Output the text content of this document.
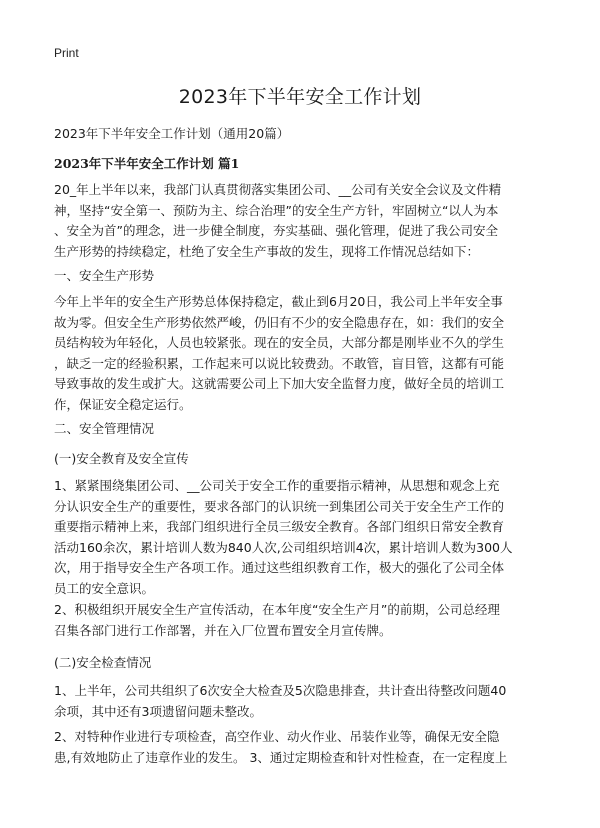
Print
2023年下半年安全工作计划
2023年下半年安全工作计划（通用20篇）
2023年下半年安全工作计划 篇1

20_年上半年以来，我部门认真贯彻落实集团公司、__公司有关安全会议及文件精
神，坚持“安全第一、预防为主、综合治理”的安全生产方针，牢固树立“以人为本
、安全为首”的理念，进一步健全制度，夯实基础、强化管理，促进了我公司安全
生产形势的持续稳定，杜绝了安全生产事故的发生，现将工作情况总结如下：

一、安全生产形势

今年上半年的安全生产形势总体保持稳定，截止到6月20日，我公司上半年安全事
故为零。但安全生产形势依然严峻，仍旧有不少的安全隐患存在，如：我们的安全
员结构较为年轻化，人员也较紧张。现在的安全员，大部分都是刚毕业不久的学生
，缺乏一定的经验积累，工作起来可以说比较费劲。不敢管，盲目管，这都有可能
导致事故的发生或扩大。这就需要公司上下加大安全监督力度，做好全员的培训工
作，保证安全稳定运行。

二、安全管理情况
(一)安全教育及安全宣传

1、紧紧围绕集团公司、__公司关于安全工作的重要指示精神，从思想和观念上充
分认识安全生产的重要性，要求各部门的认识统一到集团公司关于安全生产工作的
重要指示精神上来，我部门组织进行全员三级安全教育。各部门组织日常安全教育
活动160余次，累计培训人数为840人次,公司组织培训4次，累计培训人数为300人
次，用于指导安全生产各项工作。通过这些组织教育工作，极大的强化了公司全体
员工的安全意识。

2、积极组织开展安全生产宣传活动，在本年度“安全生产月”的前期，公司总经理
召集各部门进行工作部署，并在入厂位置布置安全月宣传牌。

(二)安全检查情况

1、上半年，公司共组织了6次安全大检查及5次隐患排查，共计查出待整改问题40
余项，其中还有3项遗留问题未整改。

2、对特种作业进行专项检查，高空作业、动火作业、吊装作业等，确保无安全隐
患,有效地防止了违章作业的发生。 3、通过定期检查和针对性检查，在一定程度上
